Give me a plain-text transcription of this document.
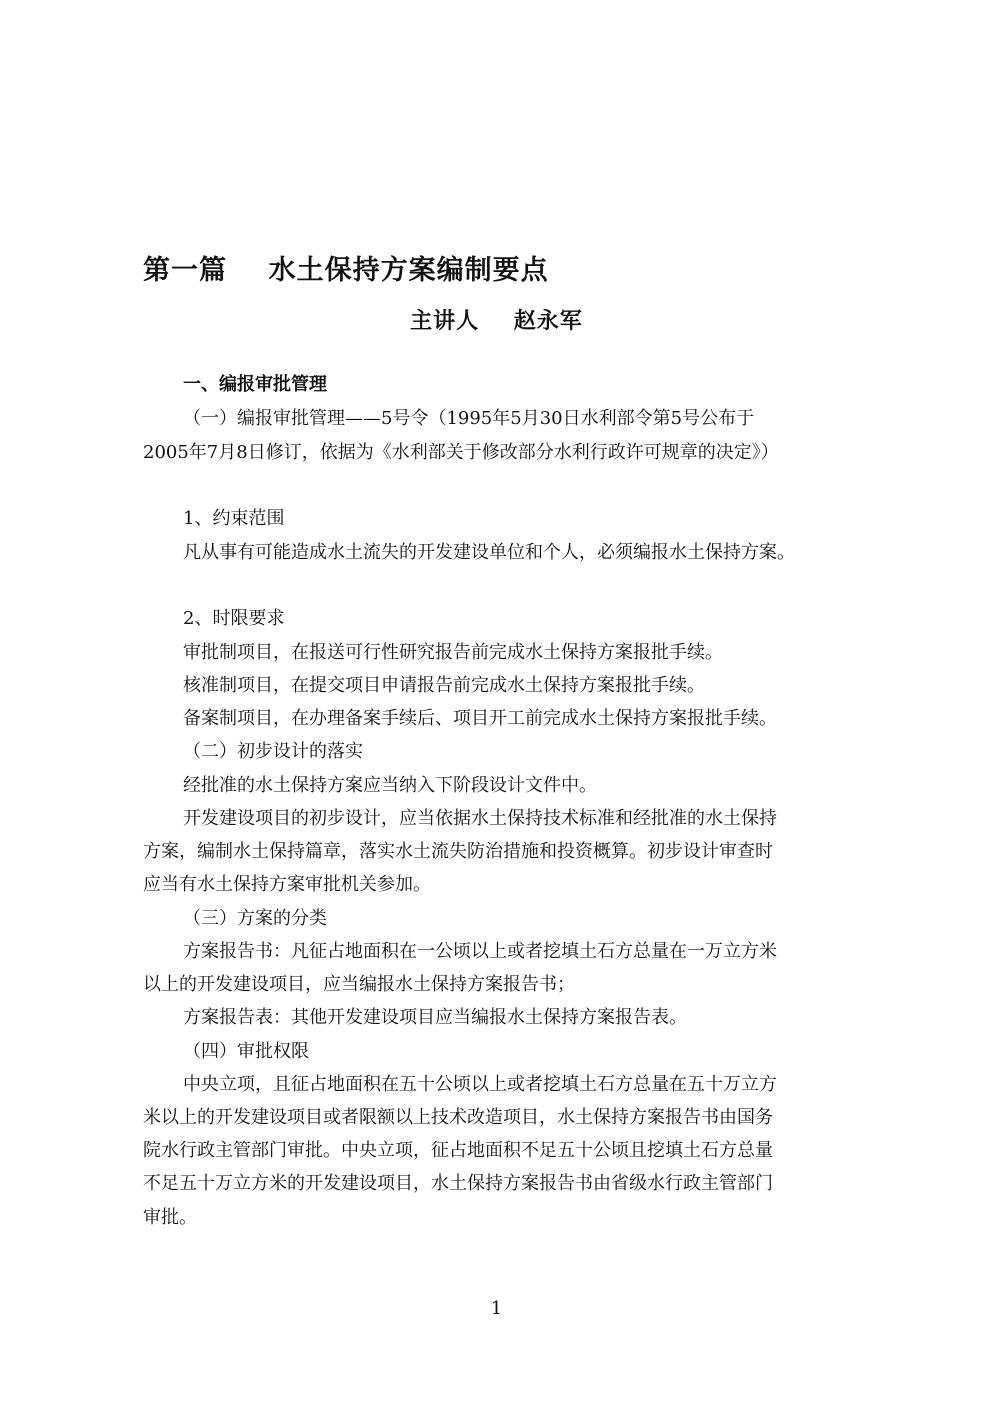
第一篇    水土保持方案编制要点
主讲人    赵永军
一、编报审批管理
（一）编报审批管理——5号令（1995年5月30日水利部令第5号公布于
2005年7月8日修订，依据为《水利部关于修改部分水利行政许可规章的决定》）
1、约束范围
凡从事有可能造成水土流失的开发建设单位和个人，必须编报水土保持方案。
2、时限要求
审批制项目，在报送可行性研究报告前完成水土保持方案报批手续。
核准制项目，在提交项目申请报告前完成水土保持方案报批手续。
备案制项目，在办理备案手续后、项目开工前完成水土保持方案报批手续。
（二）初步设计的落实
经批准的水土保持方案应当纳入下阶段设计文件中。
开发建设项目的初步设计，应当依据水土保持技术标准和经批准的水土保持
方案，编制水土保持篇章，落实水土流失防治措施和投资概算。初步设计审查时
应当有水土保持方案审批机关参加。
（三）方案的分类
方案报告书：凡征占地面积在一公顷以上或者挖填土石方总量在一万立方米
以上的开发建设项目，应当编报水土保持方案报告书；
方案报告表：其他开发建设项目应当编报水土保持方案报告表。
（四）审批权限
中央立项，且征占地面积在五十公顷以上或者挖填土石方总量在五十万立方
米以上的开发建设项目或者限额以上技术改造项目，水土保持方案报告书由国务
院水行政主管部门审批。中央立项，征占地面积不足五十公顷且挖填土石方总量
不足五十万立方米的开发建设项目，水土保持方案报告书由省级水行政主管部门
审批。
1
